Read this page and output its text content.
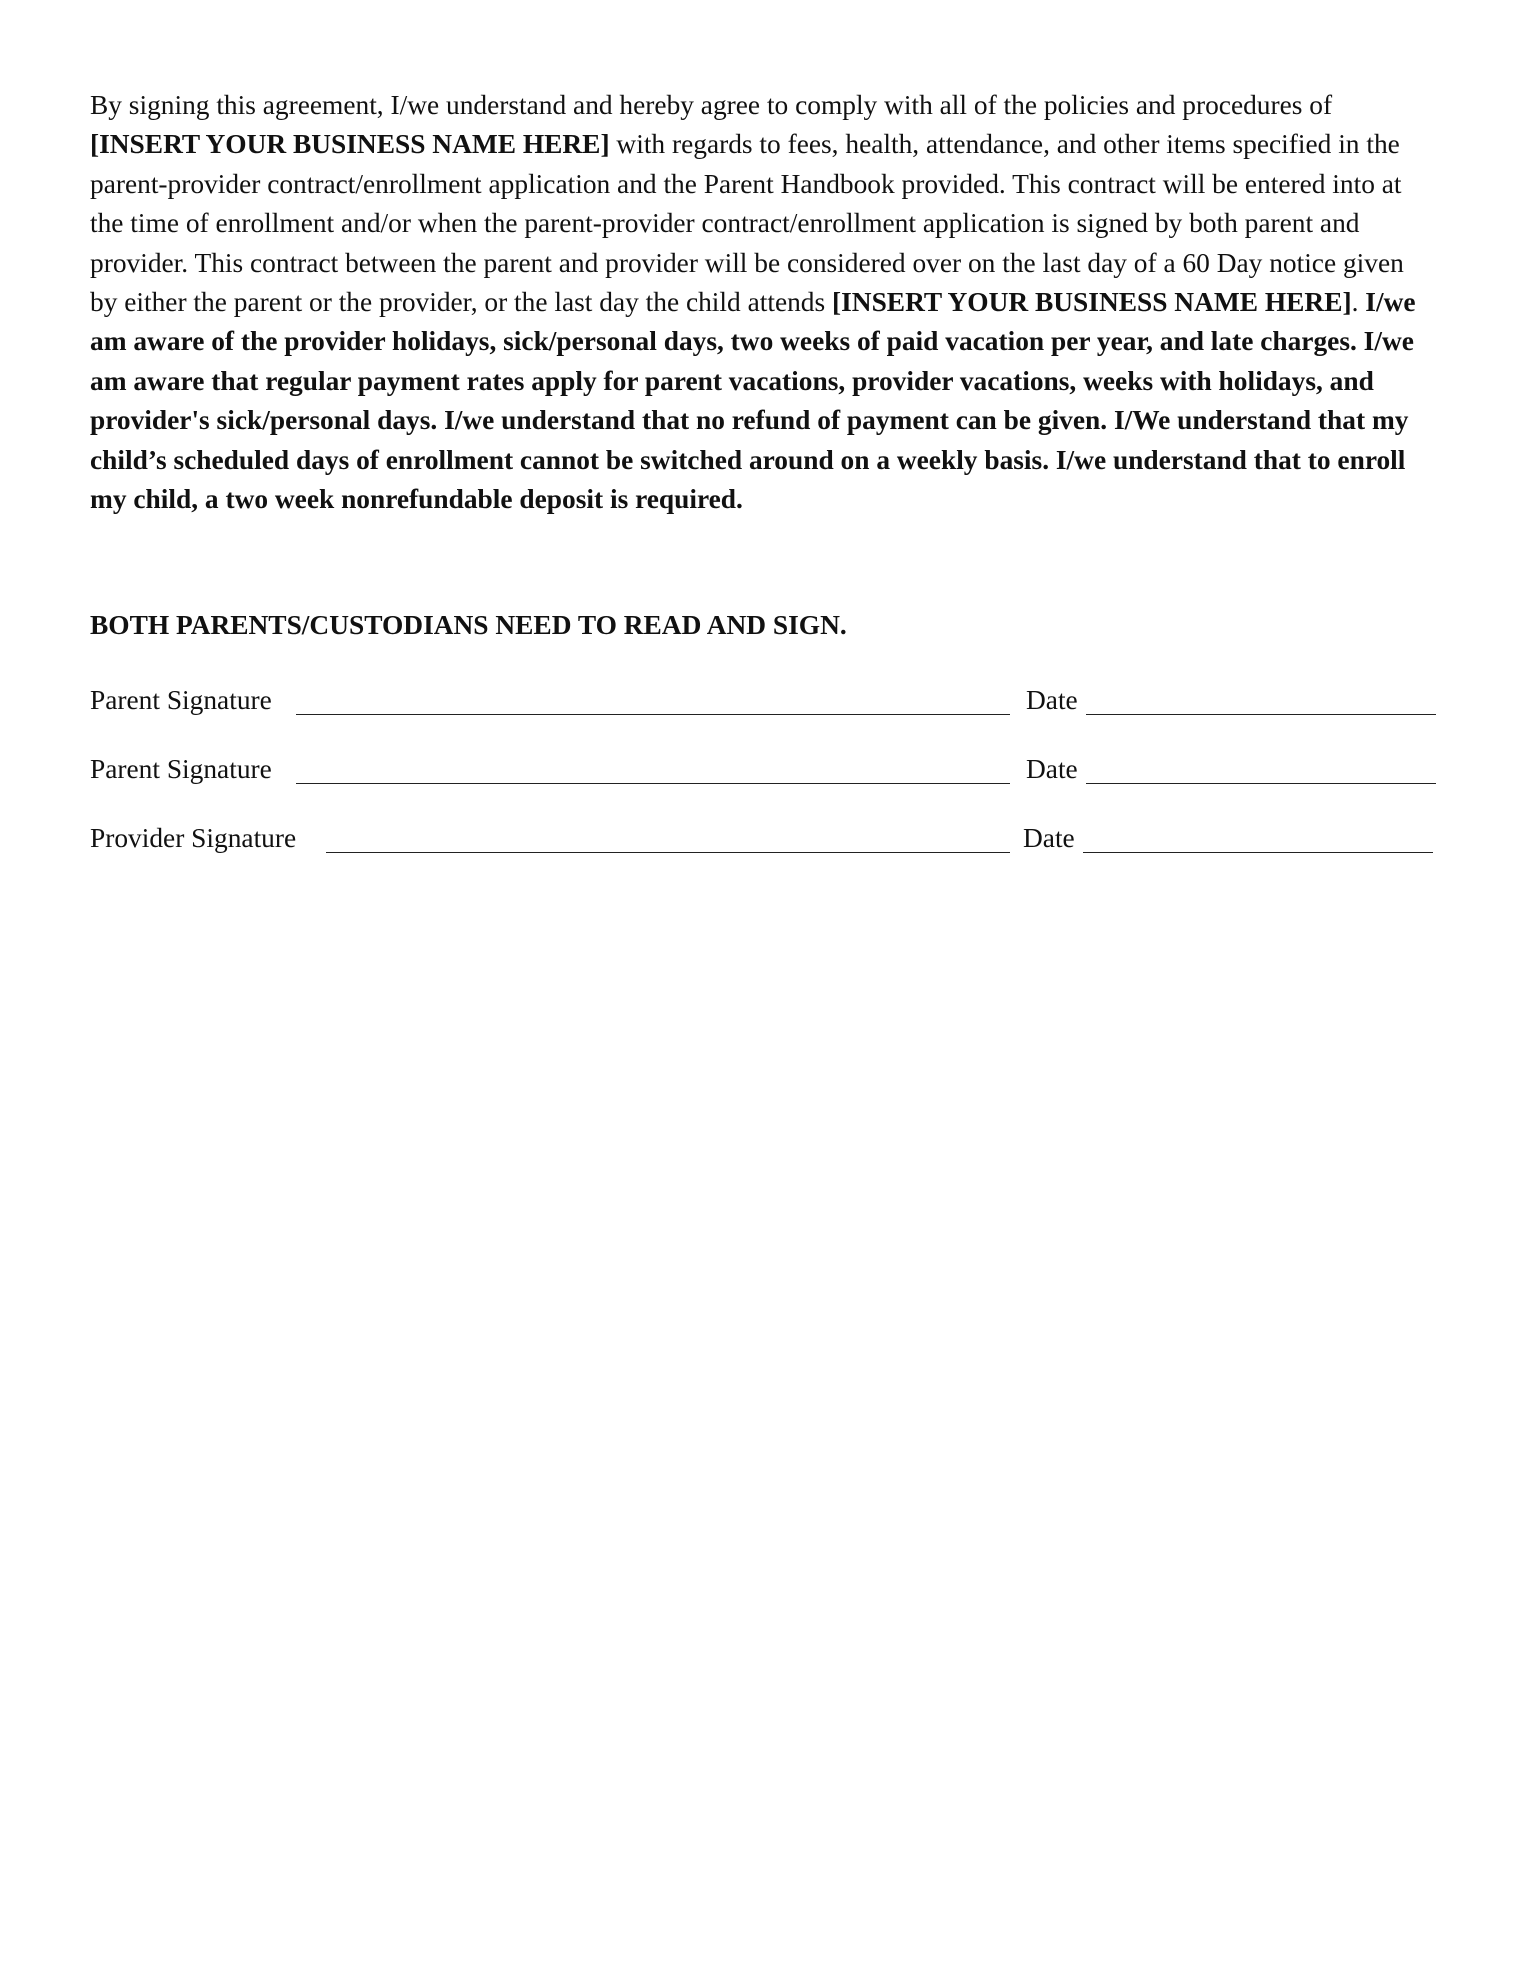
By signing this agreement, I/we understand and hereby agree to comply with all of the policies and procedures of [INSERT YOUR BUSINESS NAME HERE] with regards to fees, health, attendance, and other items specified in the parent-provider contract/enrollment application and the Parent Handbook provided. This contract will be entered into at the time of enrollment and/or when the parent-provider contract/enrollment application is signed by both parent and provider. This contract between the parent and provider will be considered over on the last day of a 60 Day notice given by either the parent or the provider, or the last day the child attends [INSERT YOUR BUSINESS NAME HERE]. I/we am aware of the provider holidays, sick/personal days, two weeks of paid vacation per year, and late charges. I/we am aware that regular payment rates apply for parent vacations, provider vacations, weeks with holidays, and provider's sick/personal days. I/we understand that no refund of payment can be given. I/We understand that my child’s scheduled days of enrollment cannot be switched around on a weekly basis. I/we understand that to enroll my child, a two week nonrefundable deposit is required.

BOTH PARENTS/CUSTODIANS NEED TO READ AND SIGN.

Parent Signature	Date
Parent Signature	Date
Provider Signature	Date
